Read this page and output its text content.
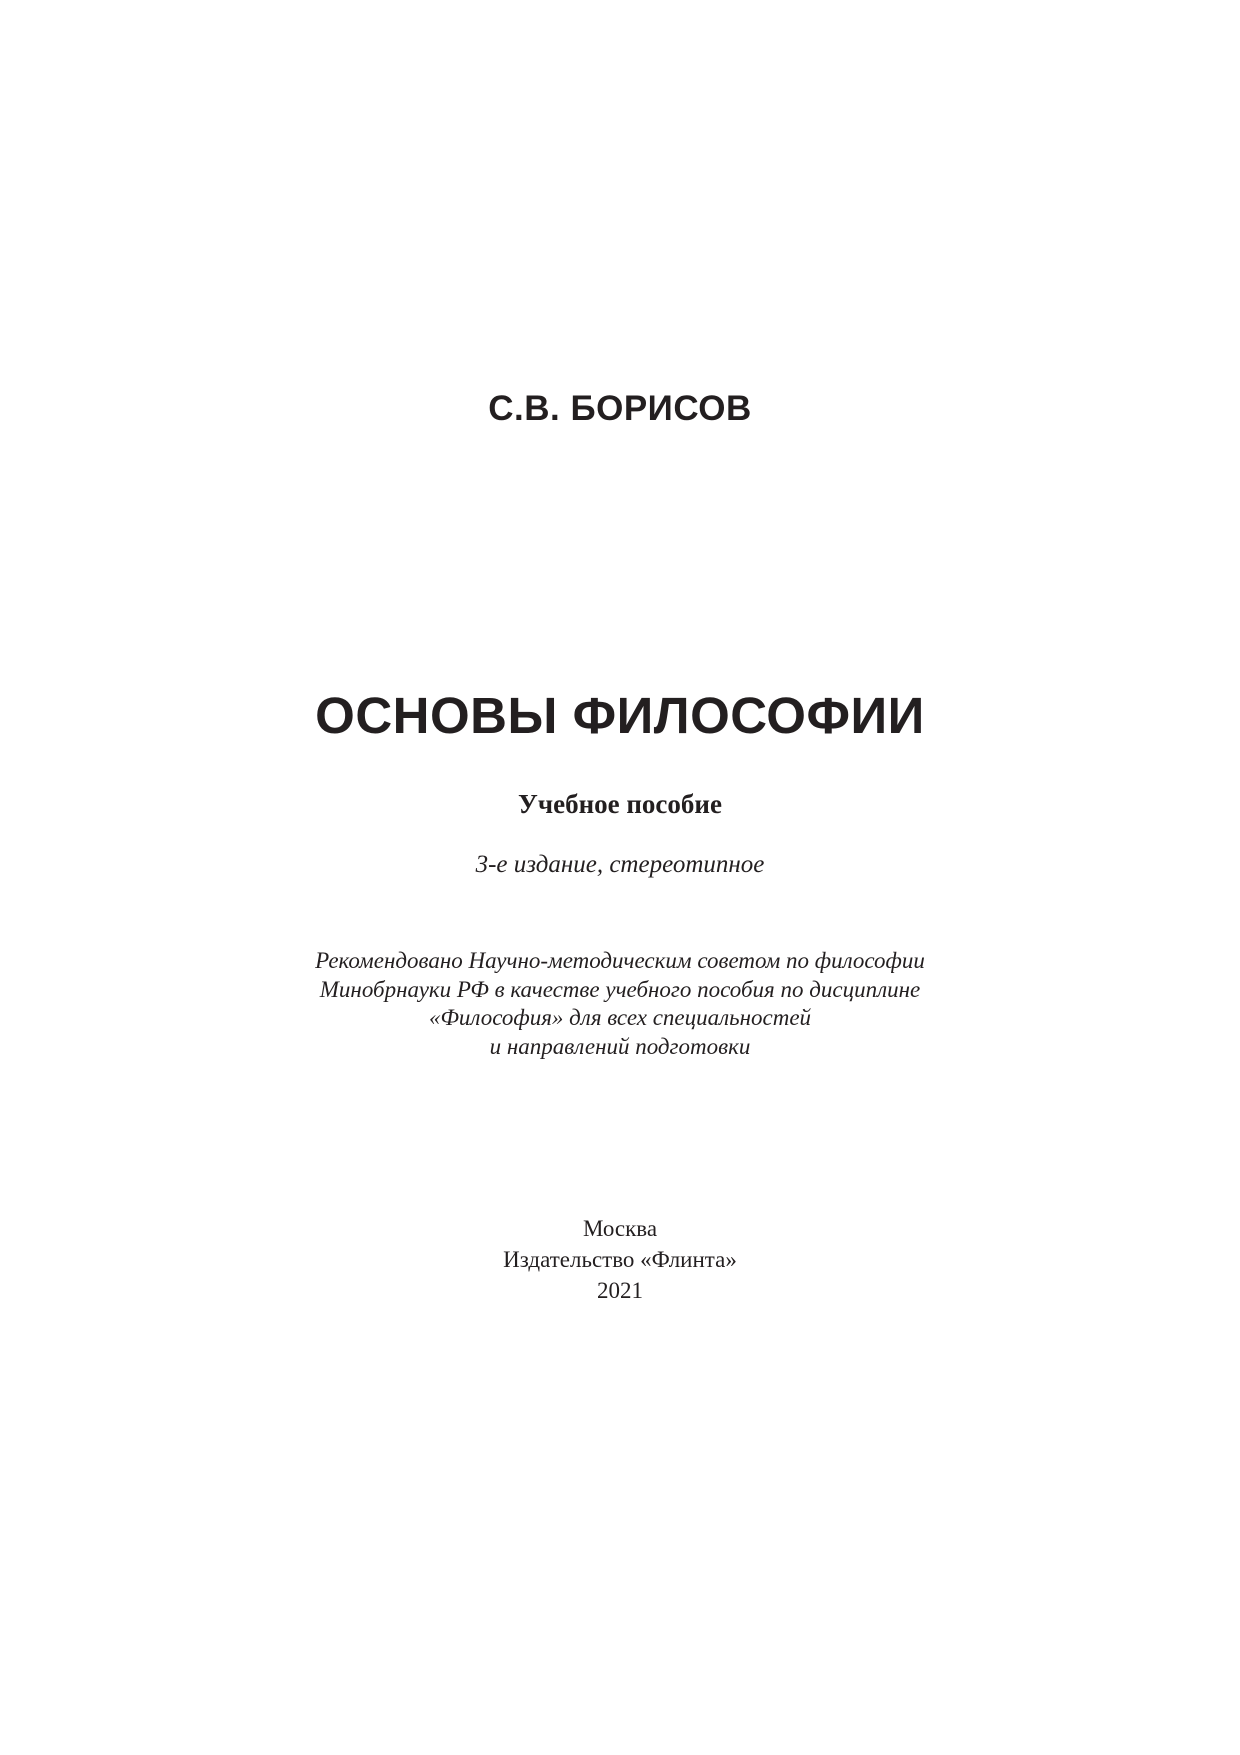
С.В. БОРИСОВ
ОСНОВЫ ФИЛОСОФИИ
Учебное пособие
3-е издание, стереотипное
Рекомендовано Научно-методическим советом по философии
Минобрнауки РФ в качестве учебного пособия по дисциплине
«Философия» для всех специальностей
и направлений подготовки
Москва
Издательство «Флинта»
2021
